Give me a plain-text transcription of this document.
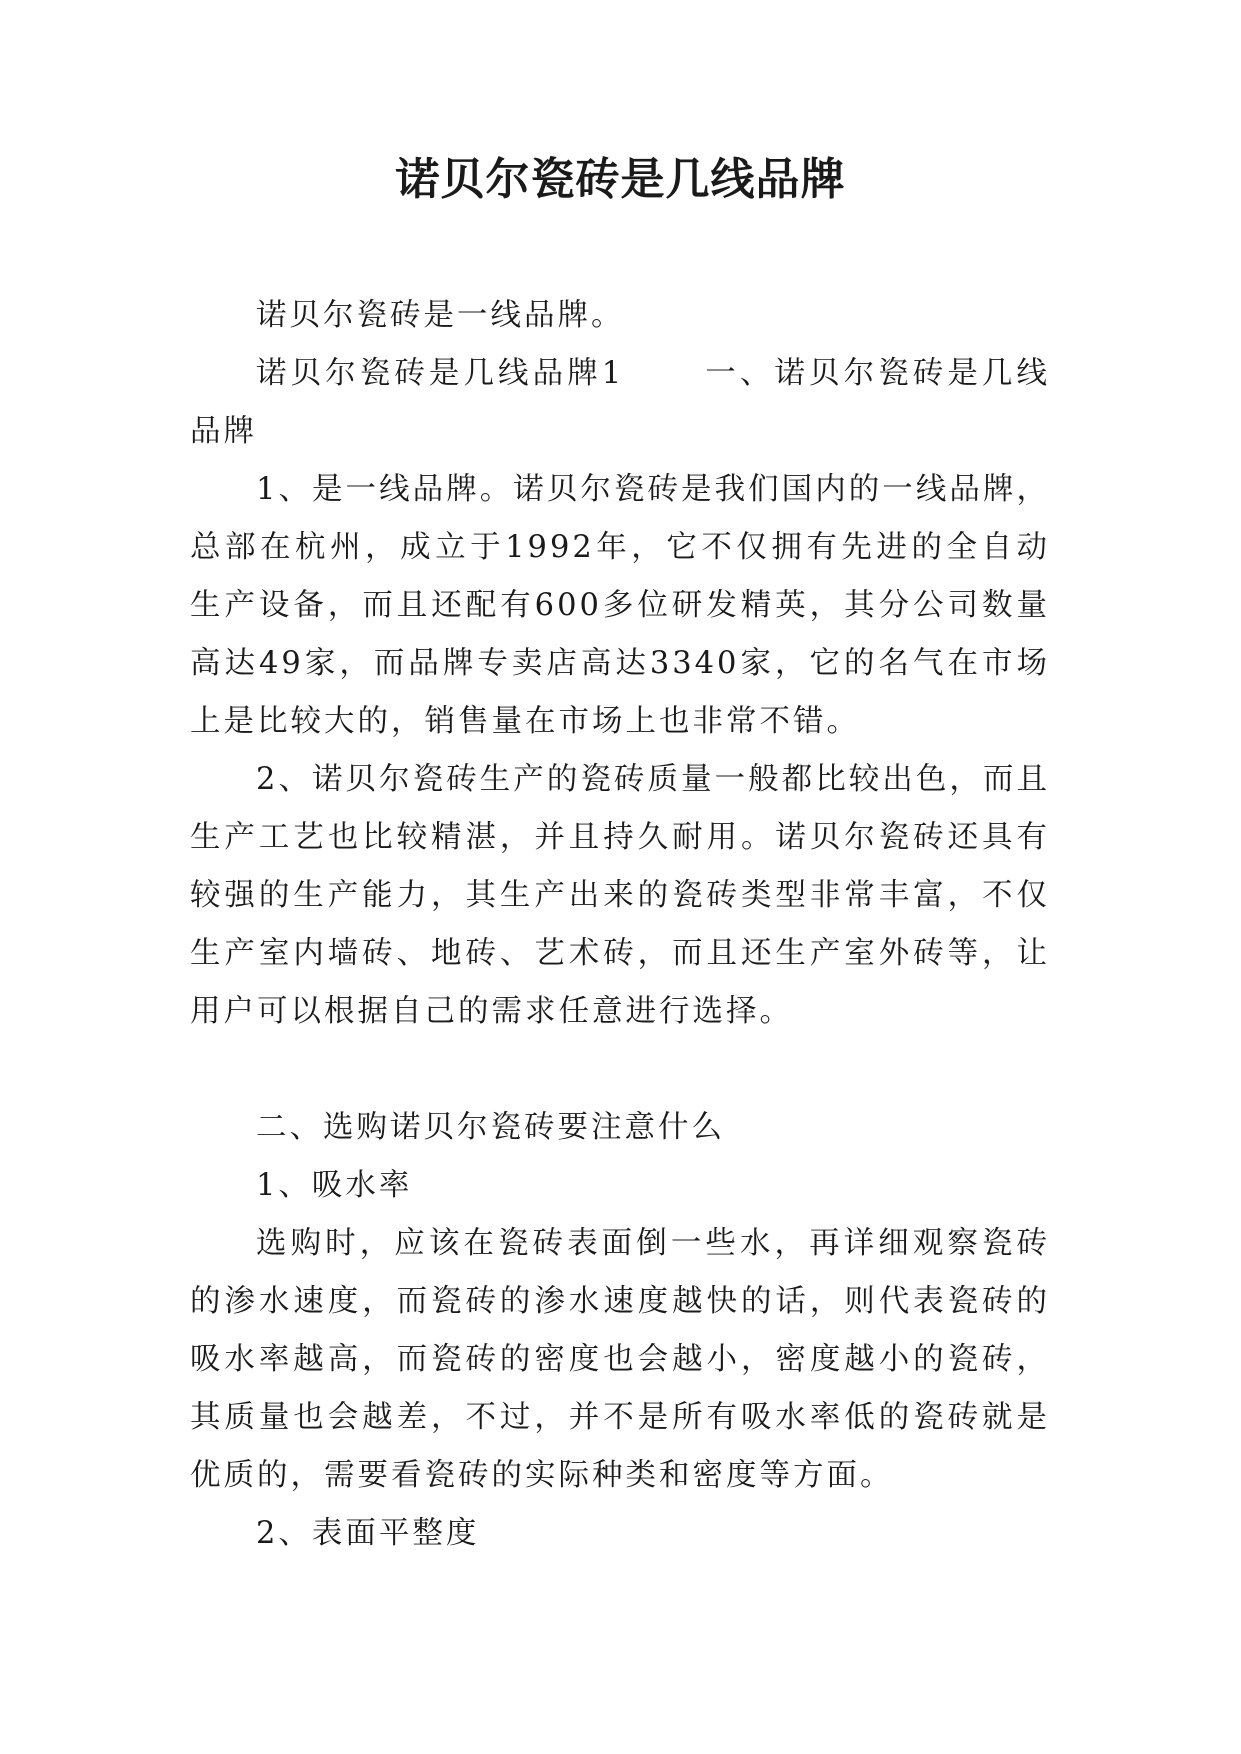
诺贝尔瓷砖是几线品牌

诺贝尔瓷砖是一线品牌。

诺贝尔瓷砖是几线品牌1	一、诺贝尔瓷砖是几线品牌

1、是一线品牌。诺贝尔瓷砖是我们国内的一线品牌，总部在杭州，成立于1992年，它不仅拥有先进的全自动生产设备，而且还配有600多位研发精英，其分公司数量高达49家，而品牌专卖店高达3340家，它的名气在市场上是比较大的，销售量在市场上也非常不错。

2、诺贝尔瓷砖生产的瓷砖质量一般都比较出色，而且生产工艺也比较精湛，并且持久耐用。诺贝尔瓷砖还具有较强的生产能力，其生产出来的瓷砖类型非常丰富，不仅生产室内墙砖、地砖、艺术砖，而且还生产室外砖等，让用户可以根据自己的需求任意进行选择。

二、选购诺贝尔瓷砖要注意什么

1、吸水率

选购时，应该在瓷砖表面倒一些水，再详细观察瓷砖的渗水速度，而瓷砖的渗水速度越快的话，则代表瓷砖的吸水率越高，而瓷砖的密度也会越小，密度越小的瓷砖，其质量也会越差，不过，并不是所有吸水率低的瓷砖就是优质的，需要看瓷砖的实际种类和密度等方面。

2、表面平整度
